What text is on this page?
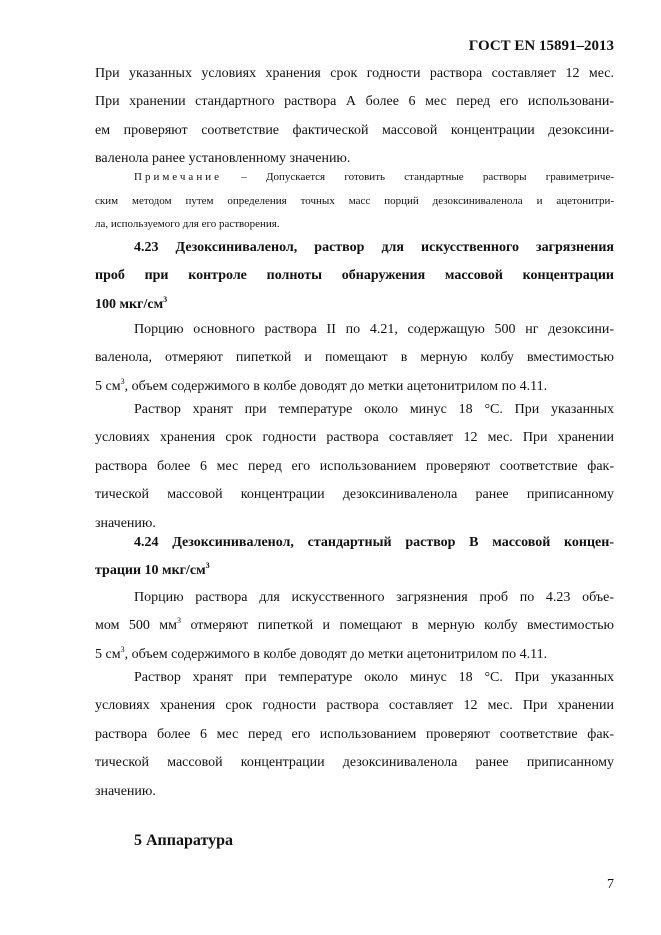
ГОСТ EN 15891–2013

При указанных условиях хранения срок годности раствора составляет 12 мес.
При хранении стандартного раствора А более 6 мес перед его использовани-
ем проверяют соответствие фактической массовой концентрации дезоксини-
валенола ранее установленному значению.

Примечание – Допускается готовить стандартные растворы гравиметриче-
ским методом путем определения точных масс порций дезоксиниваленола и ацетонитри-
ла, используемого для его растворения.

4.23 Дезоксиниваленол, раствор для искусственного загрязнения
проб при контроле полноты обнаружения массовой концентрации
100 мкг/$см^3$

Порцию основного раствора II по 4.21, содержащую 500 нг дезоксини-
валенола, отмеряют пипеткой и помещают в мерную колбу вместимостью
5 $см^3$, объем содержимого в колбе доводят до метки ацетонитрилом по 4.11.

Раствор хранят при температуре около минус 18 °С. При указанных
условиях хранения срок годности раствора составляет 12 мес. При хранении
раствора более 6 мес перед его использованием проверяют соответствие фак-
тической массовой концентрации дезоксиниваленола ранее приписанному
значению.

4.24 Дезоксиниваленол, стандартный раствор В массовой концен-
трации 10 мкг/$см^3$

Порцию раствора для искусственного загрязнения проб по 4.23 объе-
мом 500 $мм^3$ отмеряют пипеткой и помещают в мерную колбу вместимостью
5 $см^3$, объем содержимого в колбе доводят до метки ацетонитрилом по 4.11.

Раствор хранят при температуре около минус 18 °С. При указанных
условиях хранения срок годности раствора составляет 12 мес. При хранении
раствора более 6 мес перед его использованием проверяют соответствие фак-
тической массовой концентрации дезоксиниваленола ранее приписанному
значению.

5 Аппаратура
7
